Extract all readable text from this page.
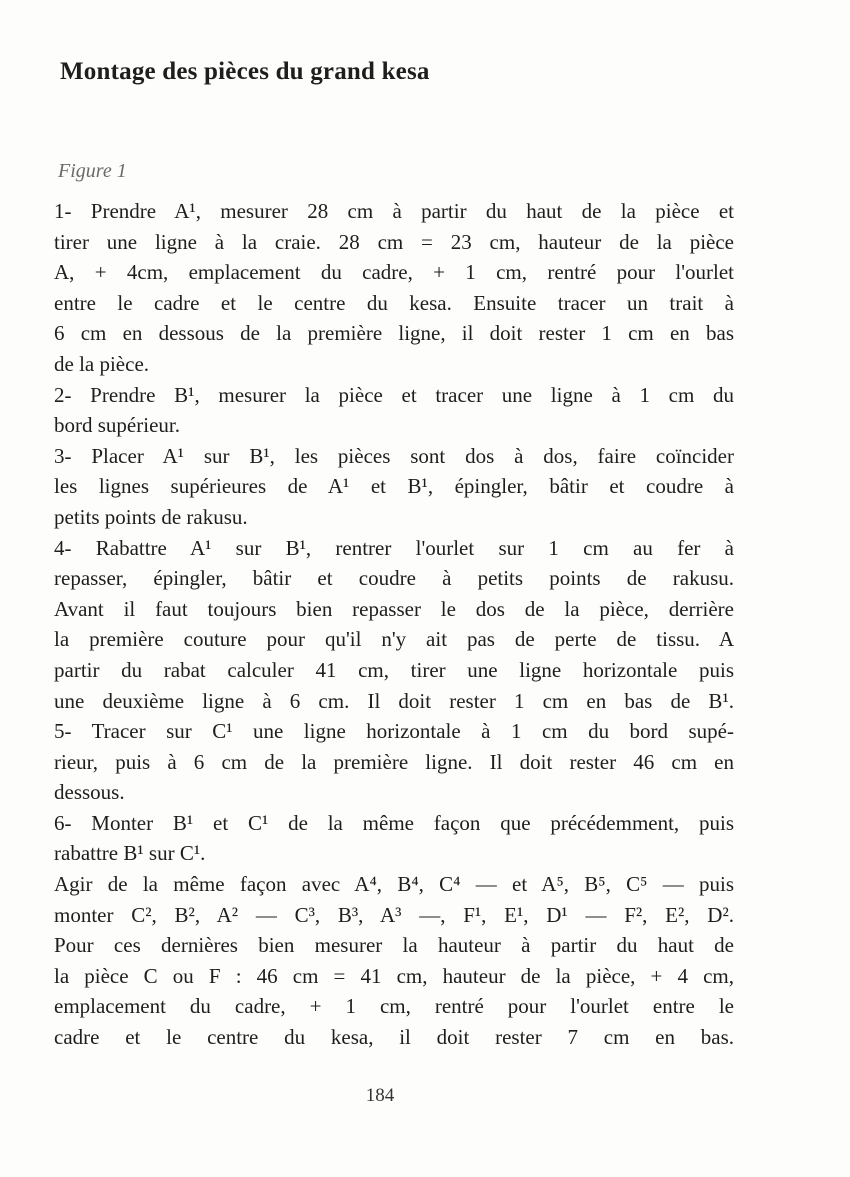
Montage des pièces du grand kesa
Figure 1
1- Prendre A¹, mesurer 28 cm à partir du haut de la pièce et
tirer une ligne à la craie. 28 cm = 23 cm, hauteur de la pièce
A, + 4cm, emplacement du cadre, + 1 cm, rentré pour l'ourlet
entre le cadre et le centre du kesa. Ensuite tracer un trait à
6 cm en dessous de la première ligne, il doit rester 1 cm en bas
de la pièce.
2- Prendre B¹, mesurer la pièce et tracer une ligne à 1 cm du
bord supérieur.
3- Placer A¹ sur B¹, les pièces sont dos à dos, faire coïncider
les lignes supérieures de A¹ et B¹, épingler, bâtir et coudre à
petits points de rakusu.
4- Rabattre A¹ sur B¹, rentrer l'ourlet sur 1 cm au fer à
repasser, épingler, bâtir et coudre à petits points de rakusu.
Avant il faut toujours bien repasser le dos de la pièce, derrière
la première couture pour qu'il n'y ait pas de perte de tissu. A
partir du rabat calculer 41 cm, tirer une ligne horizontale puis
une deuxième ligne à 6 cm. Il doit rester 1 cm en bas de B¹.
5- Tracer sur C¹ une ligne horizontale à 1 cm du bord supé-
rieur, puis à 6 cm de la première ligne. Il doit rester 46 cm en
dessous.
6- Monter B¹ et C¹ de la même façon que précédemment, puis
rabattre B¹ sur C¹.
Agir de la même façon avec A⁴, B⁴, C⁴ — et A⁵, B⁵, C⁵ — puis
monter C², B², A² — C³, B³, A³ —, F¹, E¹, D¹ — F², E², D².
Pour ces dernières bien mesurer la hauteur à partir du haut de
la pièce C ou F : 46 cm = 41 cm, hauteur de la pièce, + 4 cm,
emplacement du cadre, + 1 cm, rentré pour l'ourlet entre le
cadre et le centre du kesa, il doit rester 7 cm en bas.
184
